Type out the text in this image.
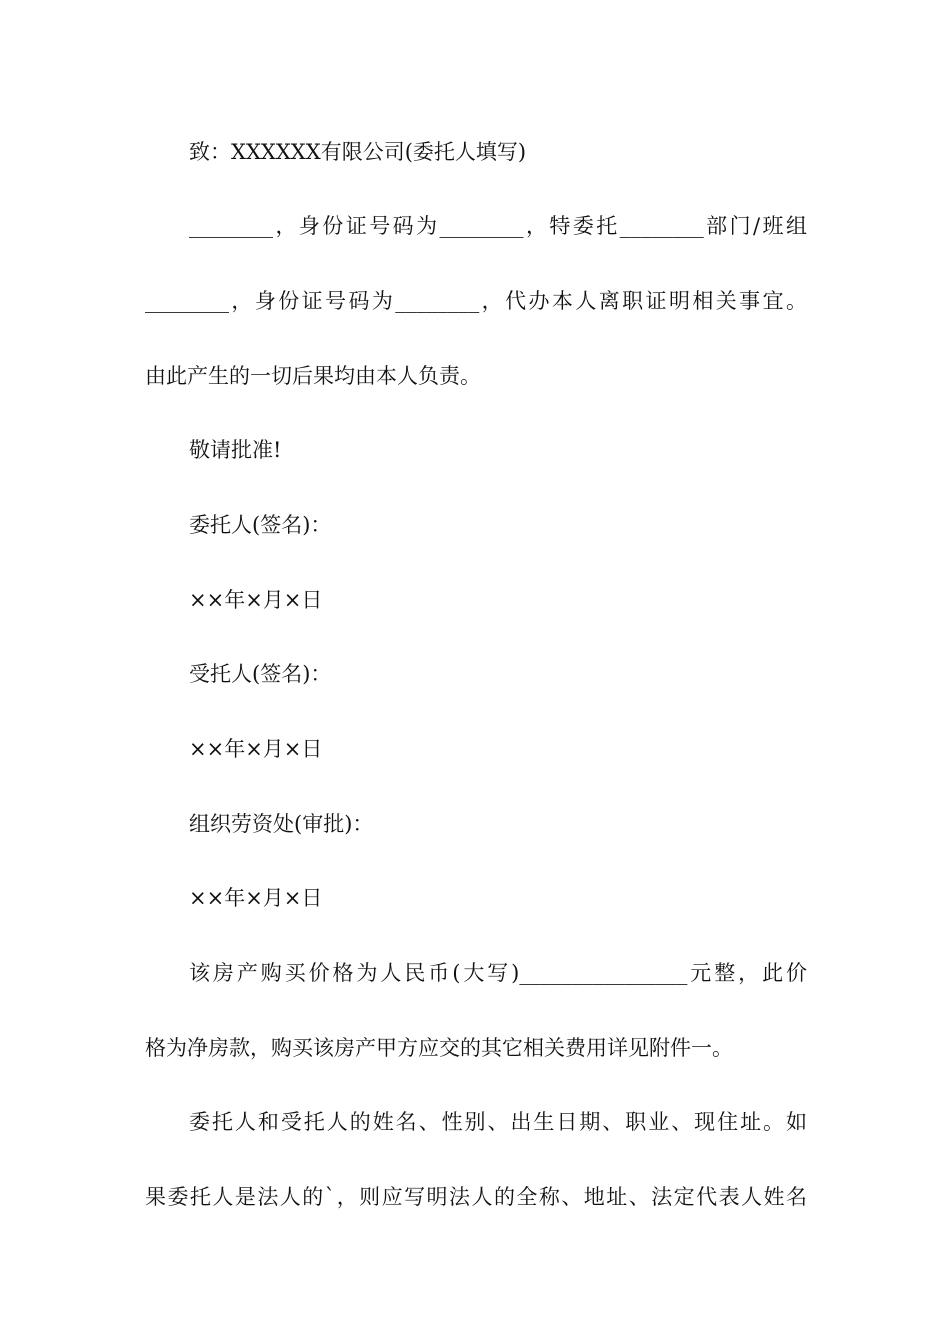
致：XXXXXX有限公司(委托人填写)
________，身份证号码为________，特委托________部门/班组
________，身份证号码为________，代办本人离职证明相关事宜。
由此产生的一切后果均由本人负责。
敬请批准!
委托人(签名)：
××年×月×日
受托人(签名)：
××年×月×日
组织劳资处(审批)：
××年×月×日
该房产购买价格为人民币(大写)________________元整，此价
格为净房款，购买该房产甲方应交的其它相关费用详见附件一。
委托人和受托人的姓名、性别、出生日期、职业、现住址。如
果委托人是法人的`，则应写明法人的全称、地址、法定代表人姓名
